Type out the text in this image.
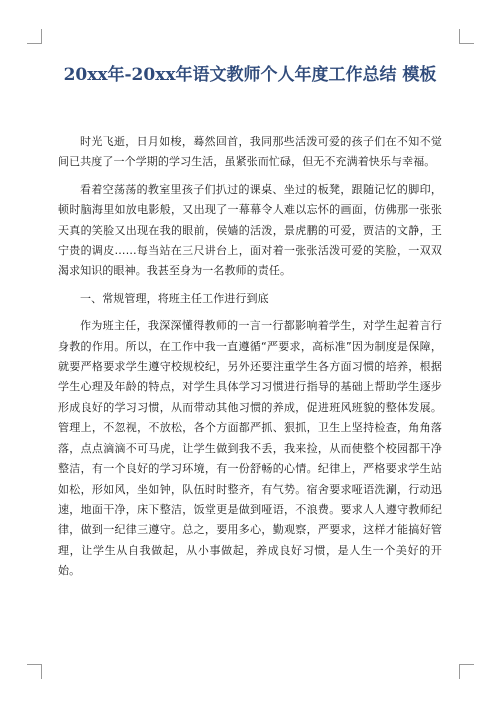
20xx年-20xx年语文教师个人年度工作总结 模板

时光飞逝，日月如梭，蓦然回首，我同那些活泼可爱的孩子们在不知不觉间已共度了一个学期的学习生活，虽紧张而忙碌，但无不充满着快乐与幸福。

看着空荡荡的教室里孩子们扒过的课桌、坐过的板凳，跟随记忆的脚印，顿时脑海里如放电影般，又出现了一幕幕令人难以忘怀的画面，仿佛那一张张天真的笑脸又出现在我的眼前，侯嫱的活泼，景虎鹏的可爱，贾洁的文静，王宁贵的调皮……每当站在三尺讲台上，面对着一张张活泼可爱的笑脸，一双双渴求知识的眼神。我甚至身为一名教师的责任。

一、常规管理，将班主任工作进行到底

作为班主任，我深深懂得教师的一言一行都影响着学生，对学生起着言行身教的作用。所以，在工作中我一直遵循“严要求，高标准”因为制度是保障，就要严格要求学生遵守校规校纪，另外还要注重学生各方面习惯的培养，根据学生心理及年龄的特点，对学生具体学习习惯进行指导的基础上帮助学生逐步形成良好的学习习惯，从而带动其他习惯的养成，促进班风班貌的整体发展。管理上，不忽视，不放松，各个方面都严抓、狠抓，卫生上坚持检查，角角落落，点点滴滴不可马虎，让学生做到我不丢，我来捡，从而使整个校园都干净整洁，有一个良好的学习环境，有一份舒畅的心情。纪律上，严格要求学生站如松，形如风，坐如钟，队伍时时整齐，有气势。宿舍要求哑语洗涮，行动迅速，地面干净，床下整洁，饭堂更是做到哑语，不浪费。要求人人遵守教师纪律，做到一纪律三遵守。总之，要用多心，勤观察，严要求，这样才能搞好管理，让学生从自我做起，从小事做起，养成良好习惯，是人生一个美好的开始。
